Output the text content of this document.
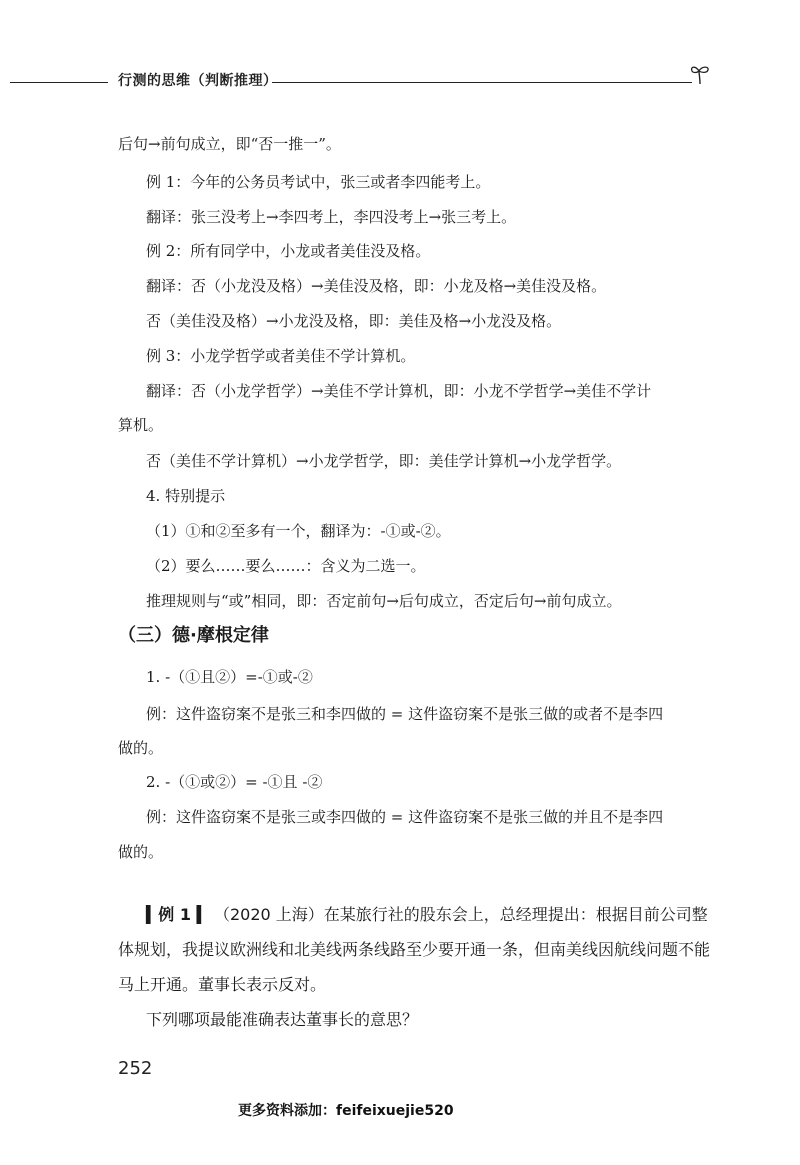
行测的思维（判断推理）
后句→前句成立，即“否一推一”。
例 1：今年的公务员考试中，张三或者李四能考上。
翻译：张三没考上→李四考上，李四没考上→张三考上。
例 2：所有同学中，小龙或者美佳没及格。
翻译：否（小龙没及格）→美佳没及格，即：小龙及格→美佳没及格。
否（美佳没及格）→小龙没及格，即：美佳及格→小龙没及格。
例 3：小龙学哲学或者美佳不学计算机。
翻译：否（小龙学哲学）→美佳不学计算机，即：小龙不学哲学→美佳不学计
算机。
否（美佳不学计算机）→小龙学哲学，即：美佳学计算机→小龙学哲学。
4. 特别提示
（1）①和②至多有一个，翻译为：-①或-②。
（2）要么……要么……：含义为二选一。
推理规则与“或”相同，即：否定前句→后句成立，否定后句→前句成立。
（三）德·摩根定律
1. -（①且②）=-①或-②
例：这件盗窃案不是张三和李四做的 = 这件盗窃案不是张三做的或者不是李四
做的。
2. -（①或②）= -①且 -②
例：这件盗窃案不是张三或李四做的 = 这件盗窃案不是张三做的并且不是李四
做的。
▍例 1 ▍ （2020 上海）在某旅行社的股东会上，总经理提出：根据目前公司整
体规划，我提议欧洲线和北美线两条线路至少要开通一条，但南美线因航线问题不能
马上开通。董事长表示反对。
下列哪项最能准确表达董事长的意思？
252
更多资料添加：feifeixuejie520
